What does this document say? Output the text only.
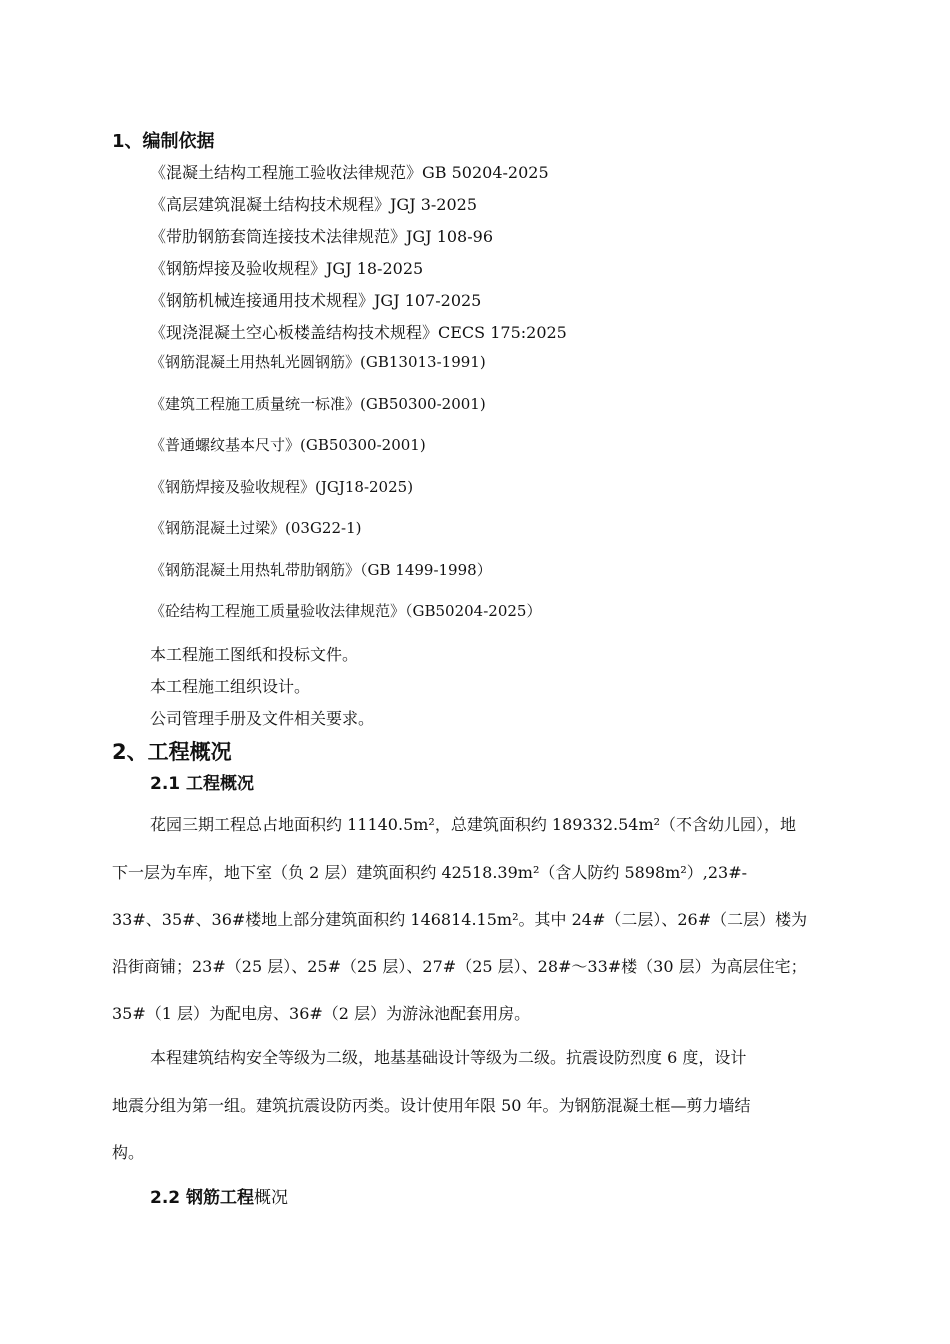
1、编制依据
《混凝土结构工程施工验收法律规范》GB 50204-2025
《高层建筑混凝土结构技术规程》JGJ 3-2025
《带肋钢筋套筒连接技术法律规范》JGJ 108-96
《钢筋焊接及验收规程》JGJ 18-2025
《钢筋机械连接通用技术规程》JGJ 107-2025
《现浇混凝土空心板楼盖结构技术规程》CECS 175:2025
《钢筋混凝土用热轧光圆钢筋》(GB13013-1991)
《建筑工程施工质量统一标准》(GB50300-2001)
《普通螺纹基本尺寸》(GB50300-2001)
《钢筋焊接及验收规程》(JGJ18-2025)
《钢筋混凝土过梁》(03G22-1)
《钢筋混凝土用热轧带肋钢筋》（GB 1499-1998）
《砼结构工程施工质量验收法律规范》（GB50204-2025）
本工程施工图纸和投标文件。
本工程施工组织设计。
公司管理手册及文件相关要求。
2、工程概况
2.1 工程概况
花园三期工程总占地面积约 11140.5m²，总建筑面积约 189332.54m²（不含幼儿园），地
下一层为车库，地下室（负 2 层）建筑面积约 42518.39m²（含人防约 5898m²）,23#-
33#、35#、36#楼地上部分建筑面积约 146814.15m²。其中 24#（二层）、26#（二层）楼为
沿街商铺；23#（25 层）、25#（25 层）、27#（25 层）、28#～33#楼（30 层）为高层住宅；
35#（1 层）为配电房、36#（2 层）为游泳池配套用房。
本程建筑结构安全等级为二级，地基基础设计等级为二级。抗震设防烈度 6 度，设计
地震分组为第一组。建筑抗震设防丙类。设计使用年限 50 年。为钢筋混凝土框—剪力墙结
构。
2.2 钢筋工程概况
